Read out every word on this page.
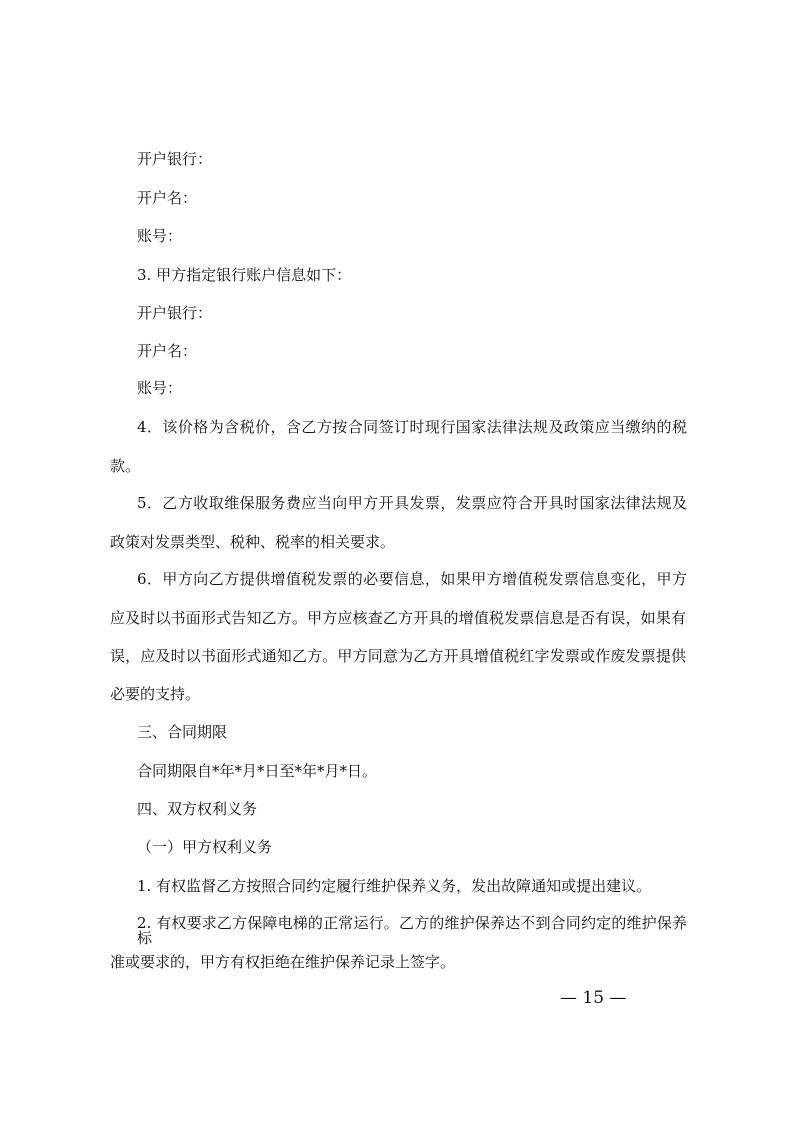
开户银行：
开户名：
账号：
3. 甲方指定银行账户信息如下：
开户银行：
开户名：
账号：
4．该价格为含税价，含乙方按合同签订时现行国家法律法规及政策应当缴纳的税
款。
5．乙方收取维保服务费应当向甲方开具发票，发票应符合开具时国家法律法规及
政策对发票类型、税种、税率的相关要求。
6．甲方向乙方提供增值税发票的必要信息，如果甲方增值税发票信息变化，甲方
应及时以书面形式告知乙方。甲方应核查乙方开具的增值税发票信息是否有误，如果有
误，应及时以书面形式通知乙方。甲方同意为乙方开具增值税红字发票或作废发票提供
必要的支持。
三、合同期限
合同期限自*年*月*日至*年*月*日。
四、双方权利义务
（一）甲方权利义务
1. 有权监督乙方按照合同约定履行维护保养义务，发出故障通知或提出建议。
2. 有权要求乙方保障电梯的正常运行。乙方的维护保养达不到合同约定的维护保养标
准或要求的，甲方有权拒绝在维护保养记录上签字。
— 15 —
